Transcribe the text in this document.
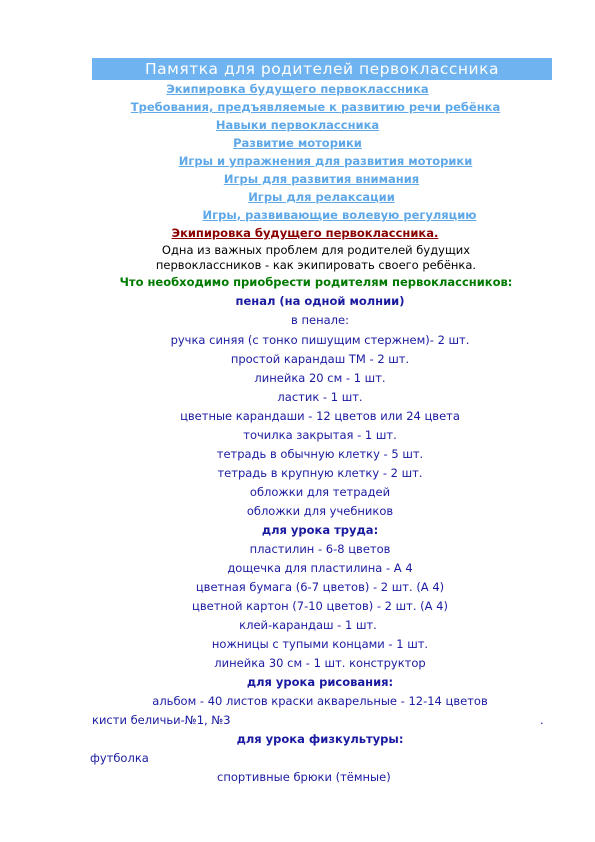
Памятка для родителей первоклассника
Экипировка будущего первоклассника
Требования, предъявляемые к развитию речи ребёнка
Навыки первоклассника
Развитие моторики
Игры и упражнения для развития моторики
Игры для развития внимания
Игры для релаксации
Игры, развивающие волевую регуляцию
Экипировка будущего первоклассника.
Одна из важных проблем для родителей будущих
первоклассников - как экипировать своего ребёнка.
Что необходимо приобрести родителям первоклассников:
пенал (на одной молнии)
в пенале:
ручка синяя (с тонко пишущим стержнем)- 2 шт.
простой карандаш ТМ - 2 шт.
линейка 20 см - 1 шт.
ластик - 1 шт.
цветные карандаши - 12 цветов или 24 цвета
точилка закрытая - 1 шт.
тетрадь в обычную клетку - 5 шт.
тетрадь в крупную клетку - 2 шт.
обложки для тетрадей
обложки для учебников
для урока труда:
пластилин - 6-8 цветов
дощечка для пластилина - А 4
цветная бумага (6-7 цветов) - 2 шт. (А 4)
цветной картон (7-10 цветов) - 2 шт. (А 4)
клей-карандаш - 1 шт.
ножницы с тупыми концами - 1 шт.
линейка 30 см - 1 шт. конструктор
для урока рисования:
альбом - 40 листов краски акварельные - 12-14 цветов
кисти беличьи-№1, №3	.
для урока физкультуры:
футболка
спортивные брюки (тёмные)
